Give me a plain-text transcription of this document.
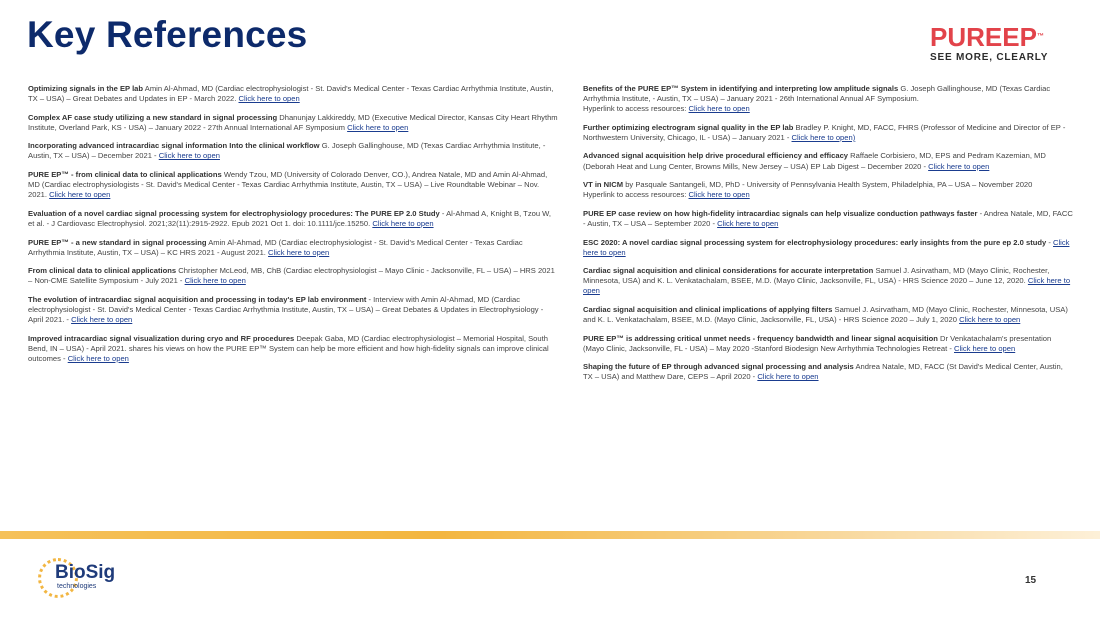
Key References	PUREEP™
SEE MORE, CLEARLY
Optimizing signals in the EP lab Amin Al-Ahmad, MD (Cardiac electrophysiologist - St. David's Medical Center - Texas Cardiac Arrhythmia Institute, Austin, TX – USA) – Great Debates and Updates in EP - March 2022. Click here to open
Complex AF case study utilizing a new standard in signal processing Dhanunjay Lakkireddy, MD (Executive Medical Director, Kansas City Heart Rhythm Institute, Overland Park, KS - USA) – January 2022 - 27th Annual International AF Symposium Click here to open
Incorporating advanced intracardiac signal information Into the clinical workflow G. Joseph Gallinghouse, MD (Texas Cardiac Arrhythmia Institute, - Austin, TX – USA) – December 2021 - Click here to open
PURE EP™ - from clinical data to clinical applications Wendy Tzou, MD (University of Colorado Denver, CO.), Andrea Natale, MD and Amin Al-Ahmad, MD (Cardiac electrophysiologists - St. David's Medical Center - Texas Cardiac Arrhythmia Institute, Austin, TX – USA) – Live Roundtable Webinar – Nov. 2021. Click here to open
Evaluation of a novel cardiac signal processing system for electrophysiology procedures: The PURE EP 2.0 Study - Al-Ahmad A, Knight B, Tzou W, et al. - J Cardiovasc Electrophysiol. 2021;32(11):2915-2922. Epub 2021 Oct 1. doi: 10.1111/jce.15250. Click here to open
PURE EP™ - a new standard in signal processing Amin Al-Ahmad, MD (Cardiac electrophysiologist - St. David's Medical Center - Texas Cardiac Arrhythmia Institute, Austin, TX – USA) – KC HRS 2021 - August 2021. Click here to open
From clinical data to clinical applications Christopher McLeod, MB, ChB (Cardiac electrophysiologist – Mayo Clinic - Jacksonville, FL – USA) – HRS 2021 – Non-CME Satellite Symposium - July 2021 - Click here to open
The evolution of intracardiac signal acquisition and processing in today's EP lab environment - Interview with Amin Al-Ahmad, MD (Cardiac electrophysiologist - St. David's Medical Center - Texas Cardiac Arrhythmia Institute, Austin, TX – USA) – Great Debates & Updates in Electrophysiology - April 2021. - Click here to open
Improved intracardiac signal visualization during cryo and RF procedures Deepak Gaba, MD (Cardiac electrophysiologist – Memorial Hospital, South Bend, IN – USA) - April 2021. shares his views on how the PURE EP™ System can help be more efficient and how high-fidelity signals can improve clinical outcomes - Click here to open
Benefits of the PURE EP™ System in identifying and interpreting low amplitude signals G. Joseph Gallinghouse, MD (Texas Cardiac Arrhythmia Institute, - Austin, TX – USA) – January 2021 - 26th International Annual AF Symposium.
Hyperlink to access resources: Click here to open
Further optimizing electrogram signal quality in the EP lab Bradley P. Knight, MD, FACC, FHRS (Professor of Medicine and Director of EP - Northwestern University, Chicago, IL - USA) – January 2021 - Click here to open)
Advanced signal acquisition help drive procedural efficiency and efficacy Raffaele Corbisiero, MD, EPS and Pedram Kazemian, MD (Deborah Heat and Lung Center, Browns Mills, New Jersey – USA) EP Lab Digest – December 2020 - Click here to open
VT in NICM by Pasquale Santangeli, MD, PhD - University of Pennsylvania Health System, Philadelphia, PA – USA – November 2020
Hyperlink to access resources: Click here to open
PURE EP case review on how high-fidelity intracardiac signals can help visualize conduction pathways faster - Andrea Natale, MD, FACC - Austin, TX – USA – September 2020 - Click here to open
ESC 2020: A novel cardiac signal processing system for electrophysiology procedures: early insights from the pure ep 2.0 study - Click here to open
Cardiac signal acquisition and clinical considerations for accurate interpretation Samuel J. Asirvatham, MD (Mayo Clinic, Rochester, Minnesota, USA) and K. L. Venkatachalam, BSEE, M.D. (Mayo Clinic, Jacksonville, FL, USA) - HRS Science 2020 – June 12, 2020. Click here to open
Cardiac signal acquisition and clinical implications of applying filters Samuel J. Asirvatham, MD (Mayo Clinic, Rochester, Minnesota, USA) and K. L. Venkatachalam, BSEE, M.D. (Mayo Clinic, Jacksonville, FL, USA) - HRS Science 2020 – July 1, 2020 Click here to open
PURE EP™ is addressing critical unmet needs - frequency bandwidth and linear signal acquisition Dr Venkatachalam's presentation (Mayo Clinic, Jacksonville, FL - USA) – May 2020 -Stanford Biodesign New Arrhythmia Technologies Retreat - Click here to open
Shaping the future of EP through advanced signal processing and analysis Andrea Natale, MD, FACC (St David's Medical Center, Austin, TX – USA) and Matthew Dare, CEPS – April 2020 - Click here to open
BioSig
technologies
15
